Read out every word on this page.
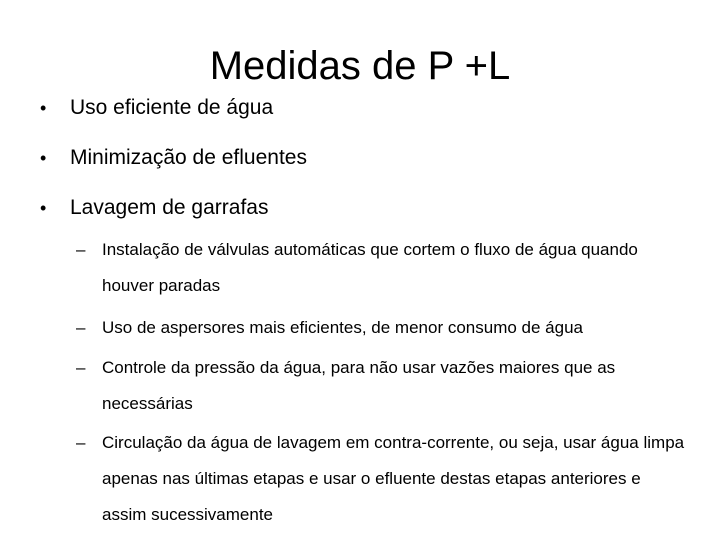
Medidas de P +L
• Uso eficiente de água
• Minimização de efluentes
• Lavagem de garrafas
– Instalação de válvulas automáticas que cortem o fluxo de água quando houver paradas
– Uso de aspersores mais eficientes, de menor consumo de água
– Controle da pressão da água, para não usar vazões maiores que as necessárias
– Circulação da água de lavagem em contra-corrente, ou seja, usar água limpa apenas nas últimas etapas e usar o efluente destas etapas anteriores e assim sucessivamente
